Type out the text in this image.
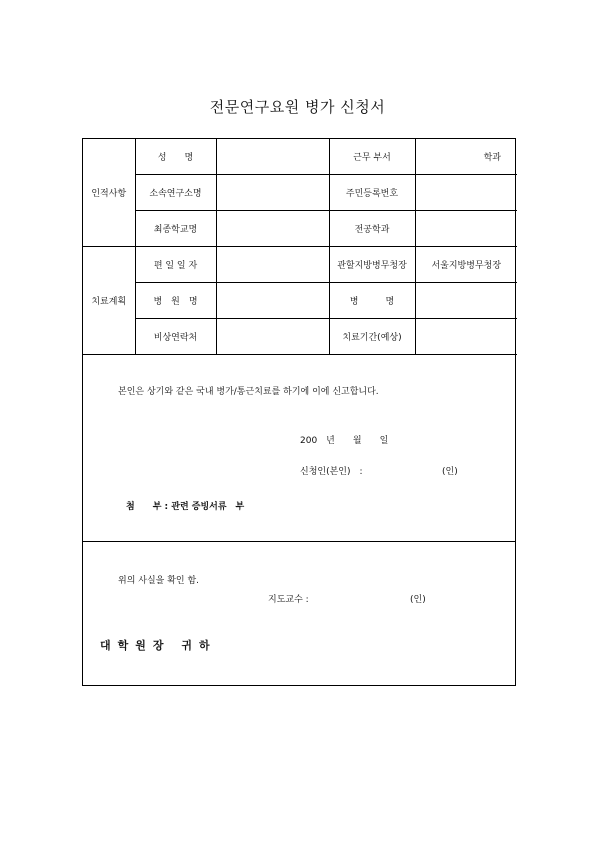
전문연구요원 병가 신청서
인적사항	성　　명		근무 부서	학과
	소속연구소명		주민등록번호	
	최종학교명		전공학과	
치료계획	편 일 일 자		관할지방병무청장	서울지방병무청장
	병　원　명		병　　　명	
	비상연락처		치료기간(예상)	
본인은 상기와 같은 국내 병가/통근치료를 하기에 이에 신고합니다.
200　년 월 일
신청인(본인)　:	(인)
첨　　부 : 관련 증빙서류　부
위의 사실을 확인 함.
지도교수 :	(인)
대학원장 귀하
